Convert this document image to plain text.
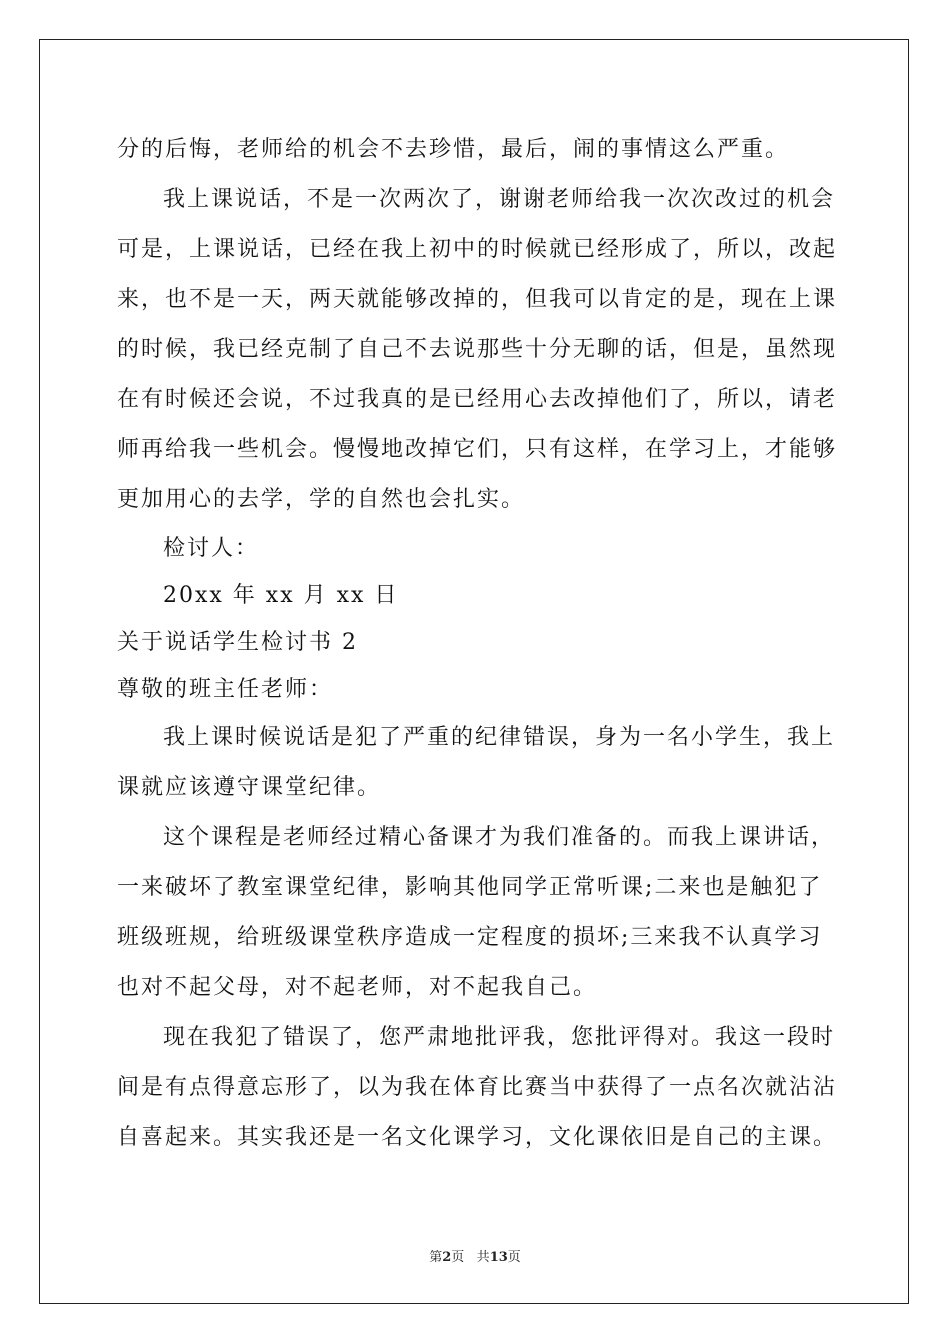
分的后悔，老师给的机会不去珍惜，最后，闹的事情这么严重。
我上课说话，不是一次两次了，谢谢老师给我一次次改过的机会
可是，上课说话，已经在我上初中的时候就已经形成了，所以，改起
来，也不是一天，两天就能够改掉的，但我可以肯定的是，现在上课
的时候，我已经克制了自己不去说那些十分无聊的话，但是，虽然现
在有时候还会说，不过我真的是已经用心去改掉他们了，所以，请老
师再给我一些机会。慢慢地改掉它们，只有这样，在学习上，才能够
更加用心的去学，学的自然也会扎实。
检讨人：
20xx 年 xx 月 xx 日
关于说话学生检讨书 2
尊敬的班主任老师：
我上课时候说话是犯了严重的纪律错误，身为一名小学生，我上
课就应该遵守课堂纪律。
这个课程是老师经过精心备课才为我们准备的。而我上课讲话，
一来破坏了教室课堂纪律，影响其他同学正常听课;二来也是触犯了
班级班规，给班级课堂秩序造成一定程度的损坏;三来我不认真学习
也对不起父母，对不起老师，对不起我自己。
现在我犯了错误了，您严肃地批评我，您批评得对。我这一段时
间是有点得意忘形了，以为我在体育比赛当中获得了一点名次就沾沾
自喜起来。其实我还是一名文化课学习，文化课依旧是自己的主课。
第2页 共13页
